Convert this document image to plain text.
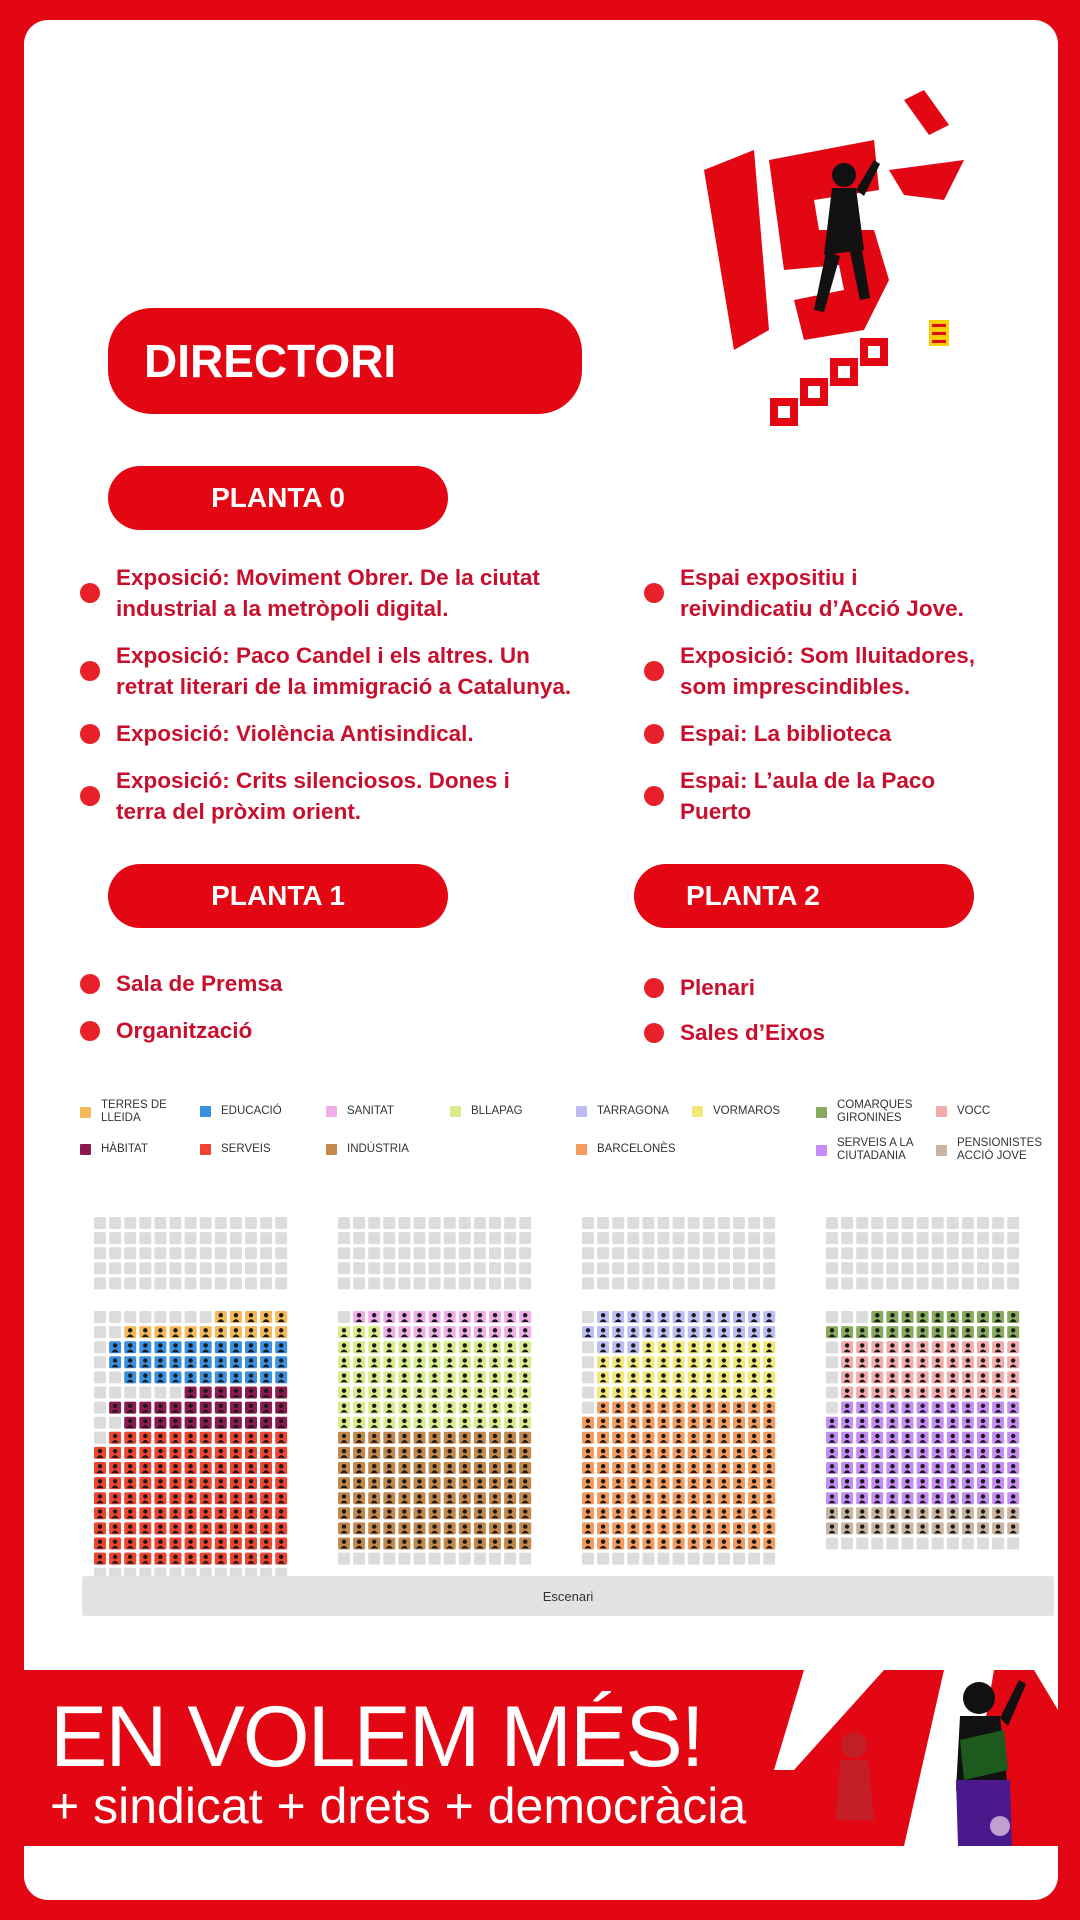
DIRECTORI
PLANTA 0
Exposició: Moviment Obrer. De la ciutat
industrial a la metròpoli digital.
Exposició: Paco Candel i els altres. Un
retrat literari de la immigració a Catalunya.
Exposició: Violència Antisindical.
Exposició: Crits silenciosos. Dones i
terra del pròxim orient.
Espai expositiu i
reivindicatiu d’Acció Jove.
Exposició: Som lluitadores,
som imprescindibles.
Espai: La biblioteca
Espai: L’aula de la Paco
Puerto
PLANTA 1
Sala de Premsa
Organització
PLANTA 2
Plenari
Sales d’Eixos
TERRES DE
LLEIDA
EDUCACIÓ	SANITAT	BLLAPAG	TARRAGONA	VORMAROS	COMARQUES
GIRONINES
VOCC
HÀBITAT	SERVEIS	INDÚSTRIA	BARCELONÈS	SERVEIS A LA
CIUTADANIA
PENSIONISTES
ACCIÓ JOVE
Escenari
EN VOLEM MÉS!
+ sindicat + drets + democràcia
